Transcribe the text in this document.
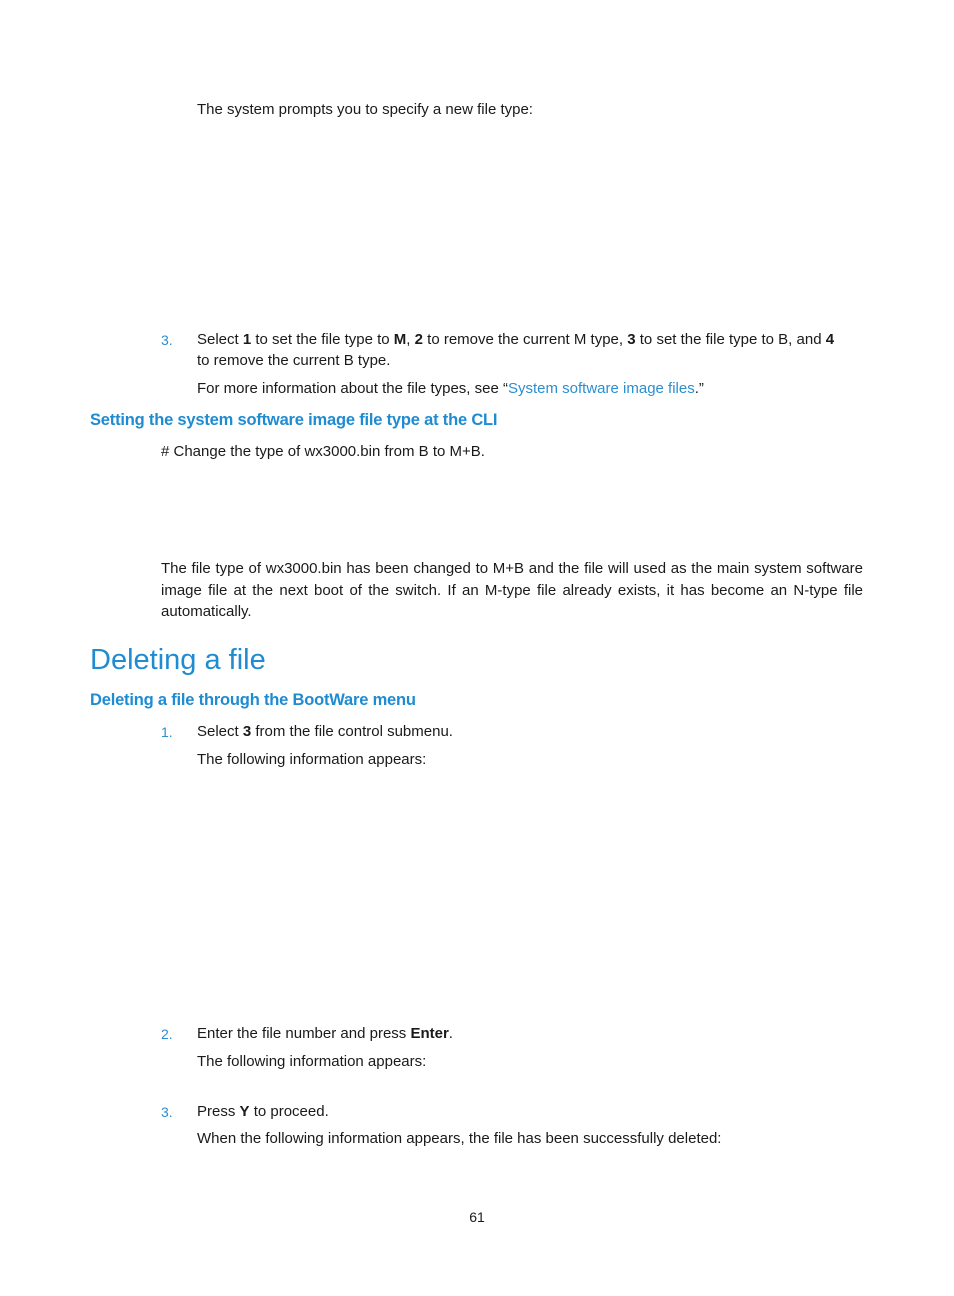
The system prompts you to specify a new file type:
3. Select 1 to set the file type to M, 2 to remove the current M type, 3 to set the file type to B, and 4
to remove the current B type.
For more information about the file types, see “System software image files.”
Setting the system software image file type at the CLI
# Change the type of wx3000.bin from B to M+B.
The file type of wx3000.bin has been changed to M+B and the file will used as the main system software
image file at the next boot of the switch. If an M-type file already exists, it has become an N-type file
automatically.
Deleting a file
Deleting a file through the BootWare menu
1. Select 3 from the file control submenu.
The following information appears:
2. Enter the file number and press Enter.
The following information appears:
3. Press Y to proceed.
When the following information appears, the file has been successfully deleted:
61
